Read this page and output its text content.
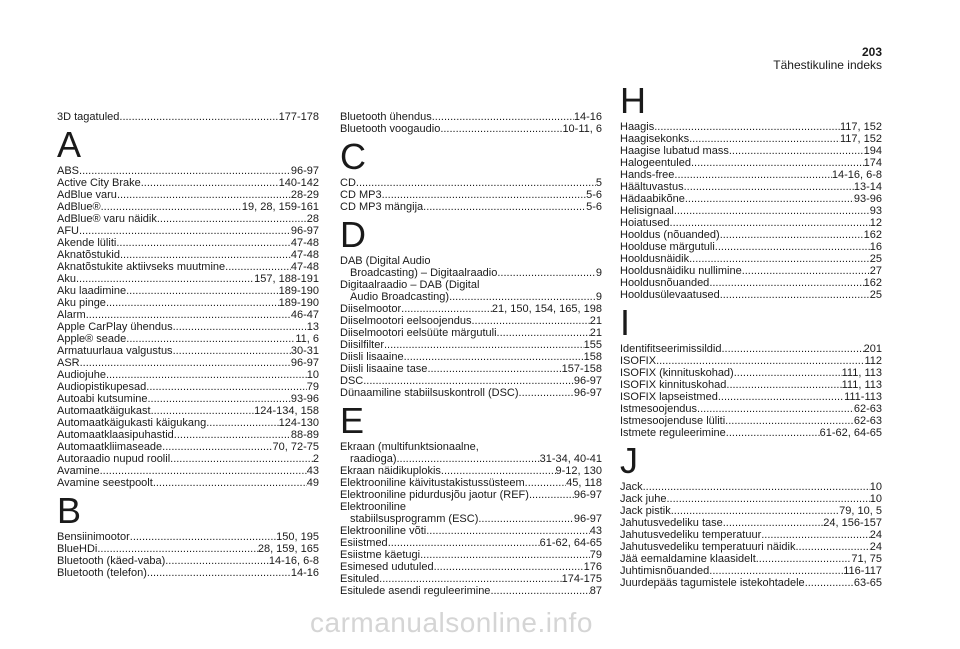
203
Tähestikuline indeks
3D tagatuled .....	177-178
A
ABS .....	96-97
Active City Brake .....	140-142
AdBlue varu .....	28-29
AdBlue® .....	19, 28, 159-161
AdBlue® varu näidik .....	28
AFU .....	96-97
Akende lüliti .....	47-48
Aknatõstukid .....	47-48
Aknatõstukite aktiivseks muutmine .....	47-48
Aku .....	157, 188-191
Aku laadimine .....	189-190
Aku pinge .....	189-190
Alarm .....	46-47
Apple CarPlay ühendus .....	13
Apple® seade .....	11, 6
Armatuurlaua valgustus .....	30-31
ASR .....	96-97
Audiojuhe .....	10
Audiopistikupesad .....	79
Autoabi kutsumine .....	93-96
Automaatkäigukast .....	124-134, 158
Automaatkäigukasti käigukang .....	124-130
Automaatklaasipuhastid .....	88-89
Automaatkliimaseade .....	70, 72-75
Autoraadio nupud roolil .....	2
Avamine .....	43
Avamine seestpoolt .....	49
B
Bensiinimootor .....	150, 195
BlueHDi .....	28, 159, 165
Bluetooth (käed-vaba) .....	14-16, 6-8
Bluetooth (telefon) .....	14-16
Bluetooth ühendus .....	14-16
Bluetooth voogaudio .....	10-11, 6
C
CD .....	5
CD MP3 .....	5-6
CD MP3 mängija .....	5-6
D
DAB (Digital Audio
Broadcasting) – Digitaalraadio .....	9
Digitaalraadio – DAB (Digital
Audio Broadcasting) .....	9
Diiselmootor .....	21, 150, 154, 165, 198
Diiselmootori eelsoojendus .....	21
Diiselmootori eelsüüte märgutuli .....	21
Diisilfilter .....	155
Diisli lisaaine .....	158
Diisli lisaaine tase .....	157-158
DSC .....	96-97
Dünaamiline stabiilsuskontroll (DSC) .....	96-97
E
Ekraan (multifunktsionaalne,
raadioga) .....	31-34, 40-41
Ekraan näidikuplokis .....	9-12, 130
Elektrooniline käivitustakistussüsteem .....	45, 118
Elektrooniline pidurdusjõu jaotur (REF) .....	96-97
Elektrooniline
stabiilsusprogramm (ESC) .....	96-97
Elektrooniline võti .....	43
Esiistmed .....	61-62, 64-65
Esiistme käetugi .....	79
Esimesed udutuled .....	176
Esituled .....	174-175
Esitulede asendi reguleerimine .....	87
H
Haagis .....	117, 152
Haagisekonks .....	117, 152
Haagise lubatud mass .....	194
Halogeentuled .....	174
Hands-free .....	14-16, 6-8
Häältuvastus .....	13-14
Hädaabikõne .....	93-96
Helisignaal .....	93
Hoiatused .....	12
Hooldus (nõuanded) .....	162
Hoolduse märgutuli .....	16
Hooldusnäidik .....	25
Hooldusnäidiku nullimine .....	27
Hooldusnõuanded .....	162
Hooldusülevaatused .....	25
I
Identifitseerimissildid .....	201
ISOFIX .....	112
ISOFIX (kinnituskohad) .....	111, 113
ISOFIX kinnituskohad .....	111, 113
ISOFIX lapseistmed .....	111-113
Istmesoojendus .....	62-63
Istmesoojenduse lüliti .....	62-63
Istmete reguleerimine .....	61-62, 64-65
J
Jack .....	10
Jack juhe .....	10
Jack pistik .....	79, 10, 5
Jahutusvedeliku tase .....	24, 156-157
Jahutusvedeliku temperatuur .....	24
Jahutusvedeliku temperatuuri näidik .....	24
Jää eemaldamine klaasidelt .....	71, 75
Juhtimisnõuanded .....	116-117
Juurdepääs tagumistele istekohtadele .....	63-65
carmanualsonline.info
